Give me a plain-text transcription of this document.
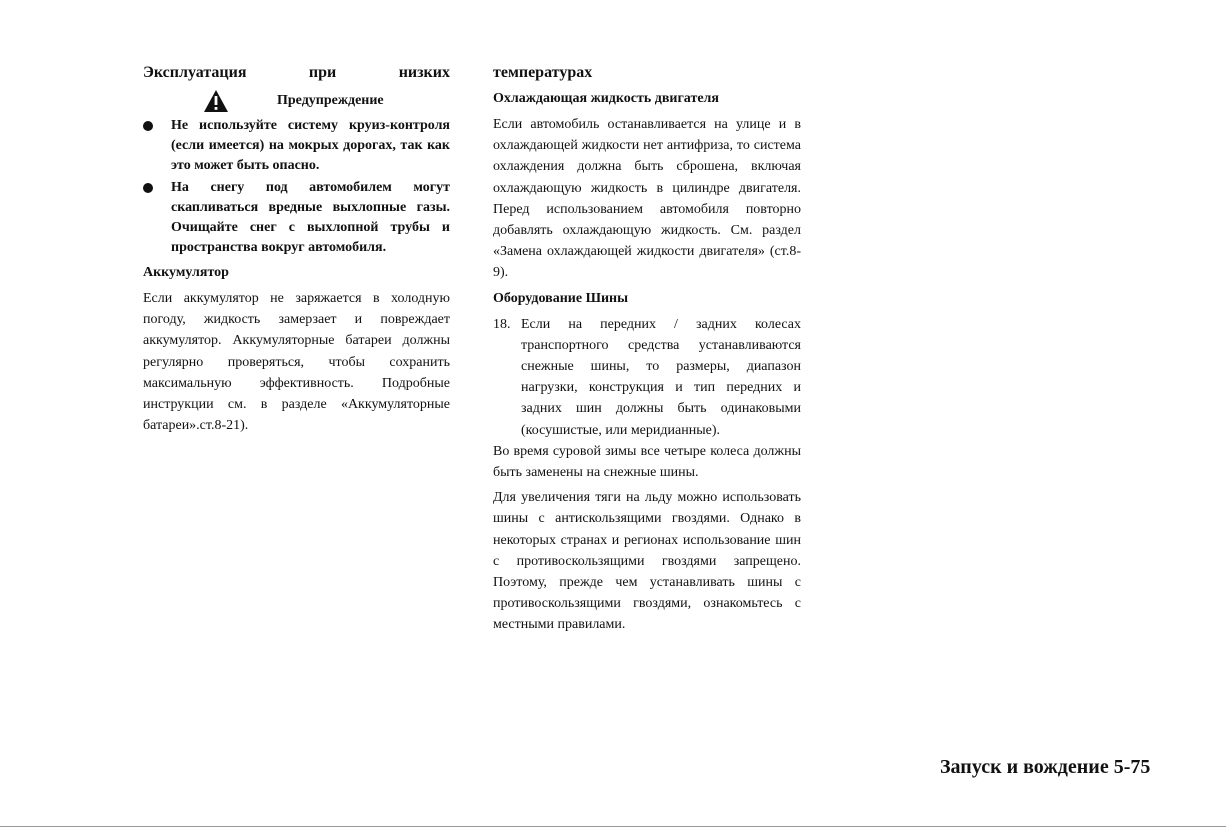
Эксплуатация	при	низких
Предупреждение
Не используйте систему круиз-контроля (если имеется) на мокрых дорогах, так как это может быть опасно.
На снегу под автомобилем могут скапливаться вредные выхлопные газы. Очищайте снег с выхлопной трубы и пространства вокруг автомобиля.
Аккумулятор

Если аккумулятор не заряжается в холодную погоду, жидкость замерзает и повреждает аккумулятор. Аккумуляторные батареи должны регулярно проверяться, чтобы сохранить максимальную эффективность. Подробные инструкции см. в разделе «Аккумуляторные батареи».ст.8-21).

температурах
Охлаждающая жидкость двигателя

Если автомобиль останавливается на улице и в охлаждающей жидкости нет антифриза, то система охлаждения должна быть сброшена, включая охлаждающую жидкость в цилиндре двигателя. Перед использованием автомобиля повторно добавлять охлаждающую жидкость. См. раздел «Замена охлаждающей жидкости двигателя» (ст.8-9).

Оборудование Шины
18. Если на передних / задних колесах транспортного средства устанавливаются снежные шины, то размеры, диапазон нагрузки, конструкция и тип передних и задних шин должны быть одинаковыми (косушистые, или меридианные).

Во время суровой зимы все четыре колеса должны быть заменены на снежные шины.

Для увеличения тяги на льду можно использовать шины с антискользящими гвоздями. Однако в некоторых странах и регионах использование шин с противоскользящими гвоздями запрещено. Поэтому, прежде чем устанавливать шины с противоскользящими гвоздями, ознакомьтесь с местными правилами.

Запуск и вождение 5-75
